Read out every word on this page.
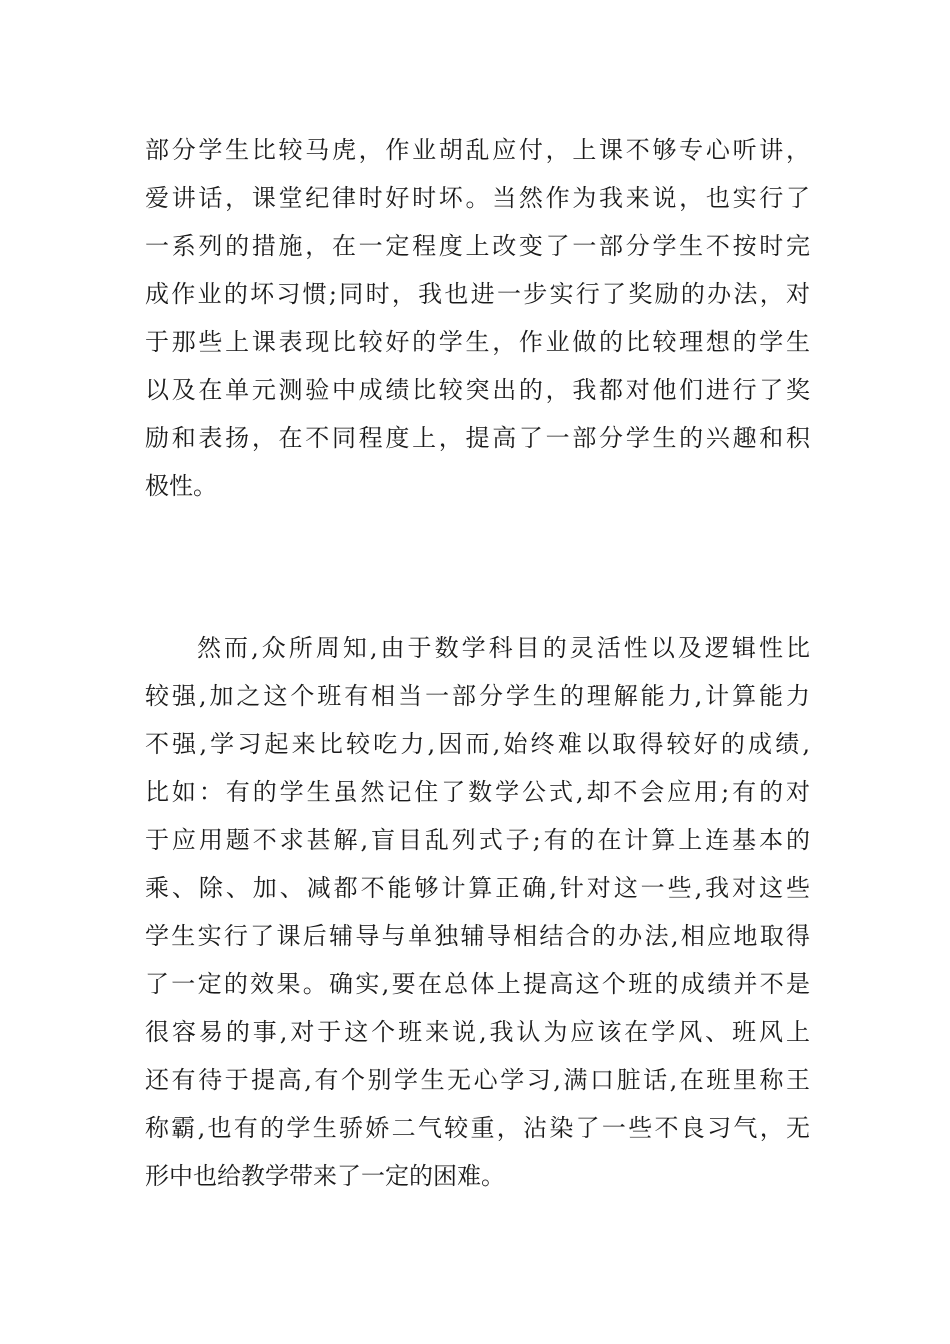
部分学生比较马虎，作业胡乱应付，上课不够专心听讲，
爱讲话，课堂纪律时好时坏。当然作为我来说，也实行了
一系列的措施，在一定程度上改变了一部分学生不按时完
成作业的坏习惯;同时，我也进一步实行了奖励的办法，对
于那些上课表现比较好的学生，作业做的比较理想的学生
以及在单元测验中成绩比较突出的，我都对他们进行了奖
励和表扬，在不同程度上，提高了一部分学生的兴趣和积
极性。
然而,众所周知,由于数学科目的灵活性以及逻辑性比
较强,加之这个班有相当一部分学生的理解能力,计算能力
不强,学习起来比较吃力,因而,始终难以取得较好的成绩,
比如：有的学生虽然记住了数学公式,却不会应用;有的对
于应用题不求甚解,盲目乱列式子;有的在计算上连基本的
乘、除、加、减都不能够计算正确,针对这一些,我对这些
学生实行了课后辅导与单独辅导相结合的办法,相应地取得
了一定的效果。确实,要在总体上提高这个班的成绩并不是
很容易的事,对于这个班来说,我认为应该在学风、班风上
还有待于提高,有个别学生无心学习,满口脏话,在班里称王
称霸,也有的学生骄娇二气较重，沾染了一些不良习气，无
形中也给教学带来了一定的困难。
